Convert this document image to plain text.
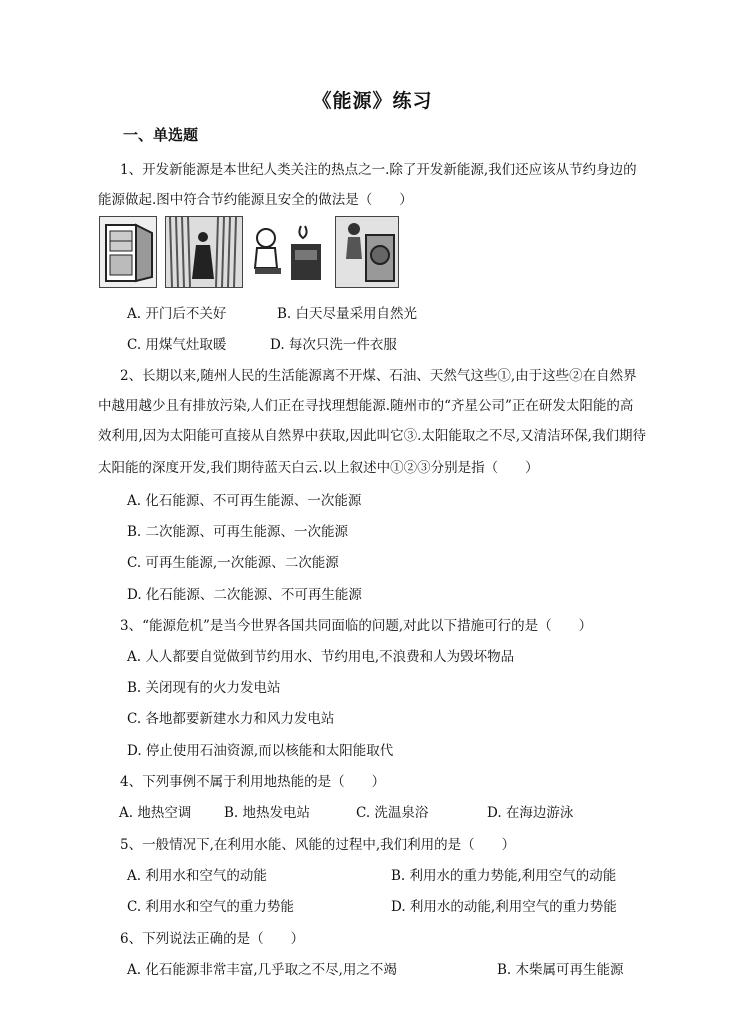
《能源》练习
一、单选题
1、开发新能源是本世纪人类关注的热点之一.除了开发新能源,我们还应该从节约身边的
能源做起.图中符合节约能源且安全的做法是（　　）
A. 开门后不关好	B. 白天尽量采用自然光
C. 用煤气灶取暖	D. 每次只洗一件衣服
2、长期以来,随州人民的生活能源离不开煤、石油、天然气这些①,由于这些②在自然界
中越用越少且有排放污染,人们正在寻找理想能源.随州市的“齐星公司”正在研发太阳能的高
效利用,因为太阳能可直接从自然界中获取,因此叫它③.太阳能取之不尽,又清洁环保,我们期待
太阳能的深度开发,我们期待蓝天白云.以上叙述中①②③分别是指（　　）
A. 化石能源、不可再生能源、一次能源
B. 二次能源、可再生能源、一次能源
C. 可再生能源,一次能源、二次能源
D. 化石能源、二次能源、不可再生能源
3、“能源危机”是当今世界各国共同面临的问题,对此以下措施可行的是（　　）
A. 人人都要自觉做到节约用水、节约用电,不浪费和人为毁坏物品
B. 关闭现有的火力发电站
C. 各地都要新建水力和风力发电站
D. 停止使用石油资源,而以核能和太阳能取代
4、下列事例不属于利用地热能的是（　　）
A. 地热空调 B. 地热发电站	C. 洗温泉浴	D. 在海边游泳
5、一般情况下,在利用水能、风能的过程中,我们利用的是（　　）
A. 利用水和空气的动能	B. 利用水的重力势能,利用空气的动能
C. 利用水和空气的重力势能	D. 利用水的动能,利用空气的重力势能
6、下列说法正确的是（　　）
A. 化石能源非常丰富,几乎取之不尽,用之不竭	B. 木柴属可再生能源
